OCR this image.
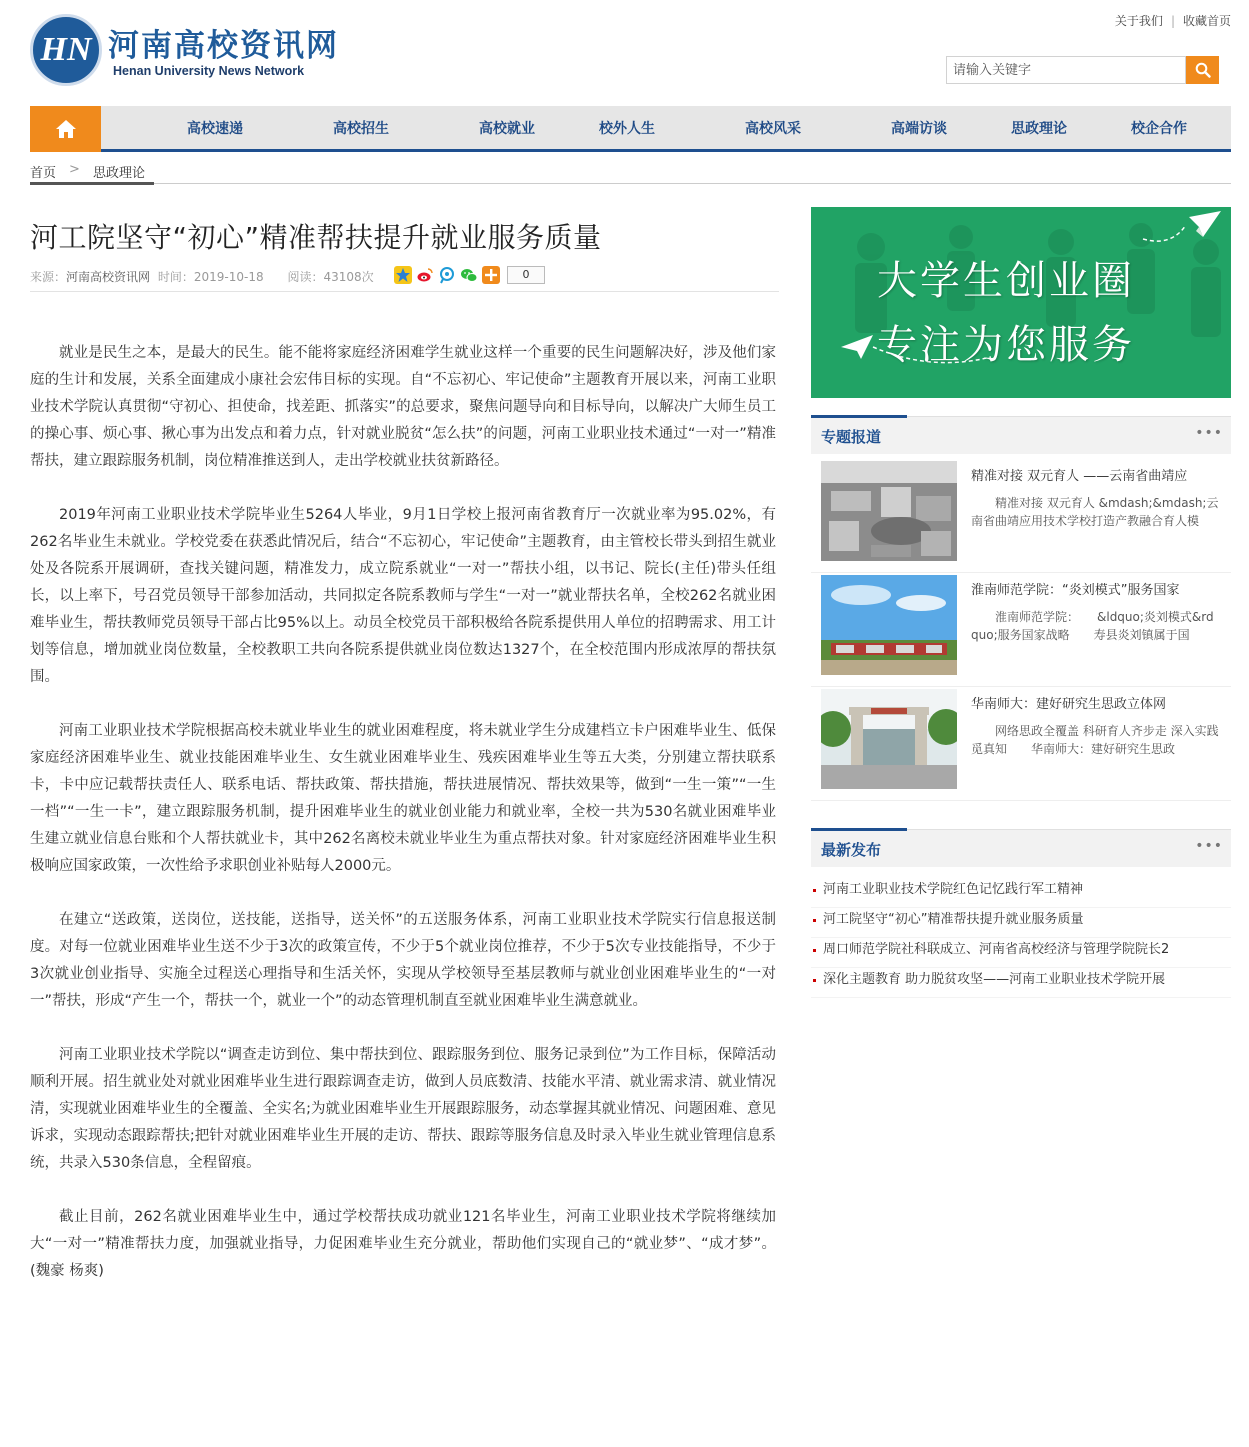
HN 河南高校资讯网
Henan University News Network
关于我们 | 收藏首页
请输入关键字
高校速递	高校招生	高校就业	校外人生	高校风采	高端访谈	思政理论	校企合作
首页 > 思政理论
河工院坚守“初心”精准帮扶提升就业服务质量
来源：河南高校资讯网 时间：2019-10-18 阅读：43108次	0

就业是民生之本，是最大的民生。能不能将家庭经济困难学生就业这样一个重要的民生问题解决好，涉及他们家庭的生计和发展，关系全面建成小康社会宏伟目标的实现。自“不忘初心、牢记使命”主题教育开展以来，河南工业职业技术学院认真贯彻“守初心、担使命，找差距、抓落实”的总要求，聚焦问题导向和目标导向，以解决广大师生员工的操心事、烦心事、揪心事为出发点和着力点，针对就业脱贫“怎么扶”的问题，河南工业职业技术通过“一对一”精准帮扶，建立跟踪服务机制，岗位精准推送到人，走出学校就业扶贫新路径。

2019年河南工业职业技术学院毕业生5264人毕业，9月1日学校上报河南省教育厅一次就业率为95.02%，有262名毕业生未就业。学校党委在获悉此情况后，结合“不忘初心，牢记使命”主题教育，由主管校长带头到招生就业处及各院系开展调研，查找关键问题，精准发力，成立院系就业“一对一”帮扶小组，以书记、院长(主任)带头任组长，以上率下，号召党员领导干部参加活动，共同拟定各院系教师与学生“一对一”就业帮扶名单，全校262名就业困难毕业生，帮扶教师党员领导干部占比95%以上。动员全校党员干部积极给各院系提供用人单位的招聘需求、用工计划等信息，增加就业岗位数量，全校教职工共向各院系提供就业岗位数达1327个，在全校范围内形成浓厚的帮扶氛围。

河南工业职业技术学院根据高校未就业毕业生的就业困难程度，将未就业学生分成建档立卡户困难毕业生、低保家庭经济困难毕业生、就业技能困难毕业生、女生就业困难毕业生、残疾困难毕业生等五大类，分别建立帮扶联系卡，卡中应记载帮扶责任人、联系电话、帮扶政策、帮扶措施，帮扶进展情况、帮扶效果等，做到“一生一策”“一生一档”“一生一卡”，建立跟踪服务机制，提升困难毕业生的就业创业能力和就业率，全校一共为530名就业困难毕业生建立就业信息台账和个人帮扶就业卡，其中262名离校未就业毕业生为重点帮扶对象。针对家庭经济困难毕业生积极响应国家政策，一次性给予求职创业补贴每人2000元。

在建立“送政策，送岗位，送技能，送指导，送关怀”的五送服务体系，河南工业职业技术学院实行信息报送制度。对每一位就业困难毕业生送不少于3次的政策宣传，不少于5个就业岗位推荐，不少于5次专业技能指导，不少于3次就业创业指导、实施全过程送心理指导和生活关怀，实现从学校领导至基层教师与就业创业困难毕业生的“一对一”帮扶，形成“产生一个，帮扶一个，就业一个”的动态管理机制直至就业困难毕业生满意就业。

河南工业职业技术学院以“调查走访到位、集中帮扶到位、跟踪服务到位、服务记录到位”为工作目标，保障活动顺利开展。招生就业处对就业困难毕业生进行跟踪调查走访，做到人员底数清、技能水平清、就业需求清、就业情况清，实现就业困难毕业生的全覆盖、全实名;为就业困难毕业生开展跟踪服务，动态掌握其就业情况、问题困难、意见诉求，实现动态跟踪帮扶;把针对就业困难毕业生开展的走访、帮扶、跟踪等服务信息及时录入毕业生就业管理信息系统，共录入530条信息，全程留痕。

截止目前，262名就业困难毕业生中，通过学校帮扶成功就业121名毕业生，河南工业职业技术学院将继续加大“一对一”精准帮扶力度，加强就业指导，力促困难毕业生充分就业，帮助他们实现自己的“就业梦”、“成才梦”。(魏豪 杨爽)

大学生创业圈
专注为您服务
专题报道	•••
精准对接 双元育人 ——云南省曲靖应
精准对接 双元育人 &mdash;&mdash;云南省曲靖应用技术学校打造产教融合育人模
淮南师范学院：“炎刘模式”服务国家
淮南师范学院：　　&ldquo;炎刘模式&rdquo;服务国家战略　　寿县炎刘镇属于国
华南师大：建好研究生思政立体网
网络思政全覆盖 科研育人齐步走 深入实践觅真知　　华南师大：建好研究生思政
最新发布	•••
河南工业职业技术学院红色记忆践行军工精神
河工院坚守“初心”精准帮扶提升就业服务质量
周口师范学院社科联成立、河南省高校经济与管理学院院长2
深化主题教育 助力脱贫攻坚——河南工业职业技术学院开展
